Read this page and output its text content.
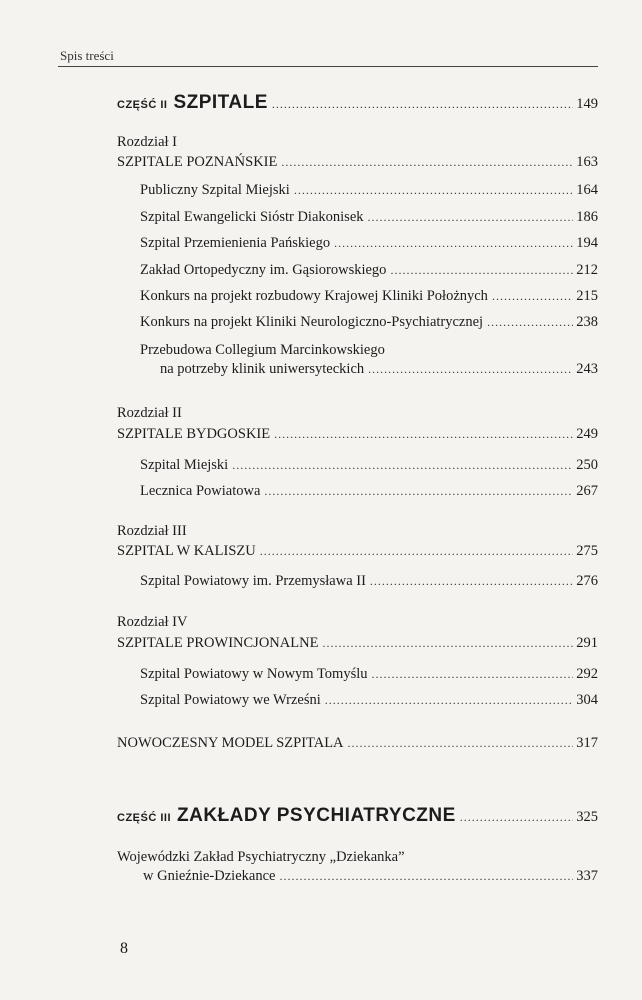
Spis treści
CZĘŚĆ II SZPITALE .....	149
Rozdział I
SZPITALE POZNAŃSKIE .....	163
Publiczny Szpital Miejski .....	164
Szpital Ewangelicki Sióstr Diakonisek .....	186
Szpital Przemienienia Pańskiego .....	194
Zakład Ortopedyczny im. Gąsiorowskiego .....	212
Konkurs na projekt rozbudowy Krajowej Kliniki Położnych .....	215
Konkurs na projekt Kliniki Neurologiczno-Psychiatrycznej .....	238
Przebudowa Collegium Marcinkowskiego
na potrzeby klinik uniwersyteckich .....	243
Rozdział II
SZPITALE BYDGOSKIE .....	249
Szpital Miejski .....	250
Lecznica Powiatowa .....	267
Rozdział III
SZPITAL W KALISZU .....	275
Szpital Powiatowy im. Przemysława II .....	276
Rozdział IV
SZPITALE PROWINCJONALNE .....	291
Szpital Powiatowy w Nowym Tomyślu .....	292
Szpital Powiatowy we Wrześni .....	304
NOWOCZESNY MODEL SZPITALA .....	317
CZĘŚĆ III ZAKŁADY PSYCHIATRYCZNE .....	325
Wojewódzki Zakład Psychiatryczny „Dziekanka”
w Gnieźnie-Dziekance .....	337
8
